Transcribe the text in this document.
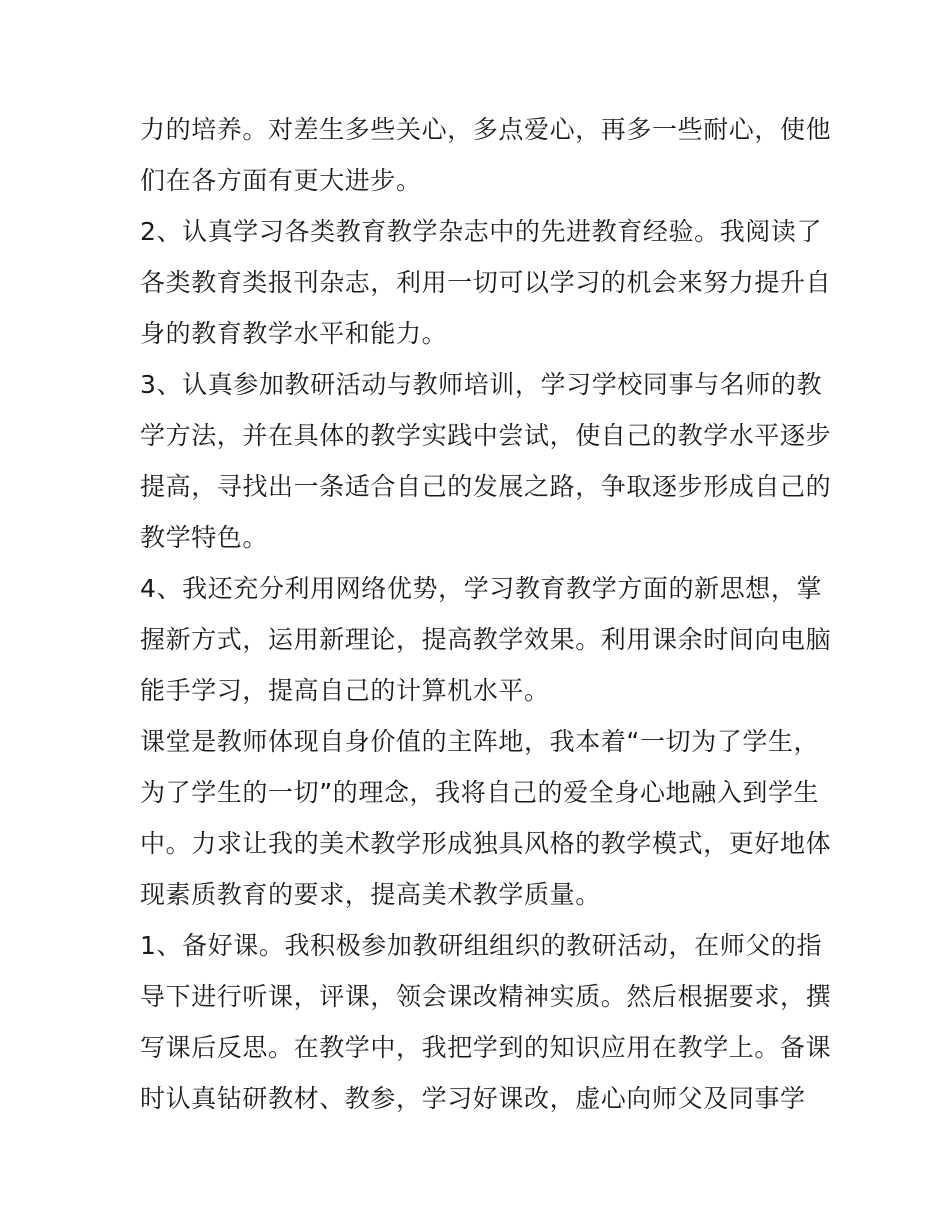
力的培养。对差生多些关心，多点爱心，再多一些耐心，使他
们在各方面有更大进步。
2、认真学习各类教育教学杂志中的先进教育经验。我阅读了
各类教育类报刊杂志，利用一切可以学习的机会来努力提升自
身的教育教学水平和能力。
3、认真参加教研活动与教师培训，学习学校同事与名师的教
学方法，并在具体的教学实践中尝试，使自己的教学水平逐步
提高，寻找出一条适合自己的发展之路，争取逐步形成自己的
教学特色。
4、我还充分利用网络优势，学习教育教学方面的新思想，掌
握新方式，运用新理论，提高教学效果。利用课余时间向电脑
能手学习，提高自己的计算机水平。
课堂是教师体现自身价值的主阵地，我本着“一切为了学生，
为了学生的一切”的理念，我将自己的爱全身心地融入到学生
中。力求让我的美术教学形成独具风格的教学模式，更好地体
现素质教育的要求，提高美术教学质量。
1、备好课。我积极参加教研组组织的教研活动，在师父的指
导下进行听课，评课，领会课改精神实质。然后根据要求，撰
写课后反思。在教学中，我把学到的知识应用在教学上。备课
时认真钻研教材、教参，学习好课改，虚心向师父及同事学
